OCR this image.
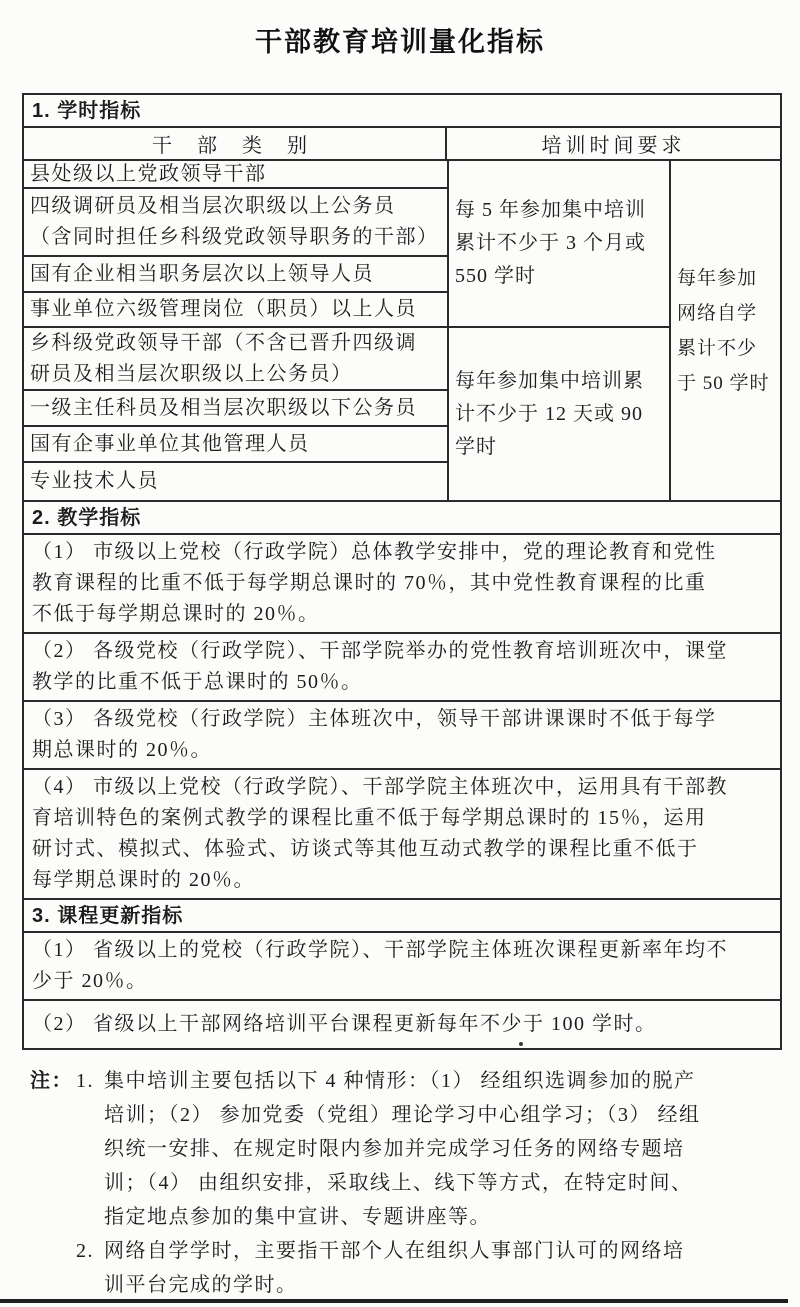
干部教育培训量化指标
1. 学时指标
干 部 类 别	培训时间要求
县处级以上党政领导干部
四级调研员及相当层次职级以上公务员
（含同时担任乡科级党政领导职务的干部）
国有企业相当职务层次以上领导人员
事业单位六级管理岗位（职员）以上人员
乡科级党政领导干部（不含已晋升四级调
研员及相当层次职级以上公务员）
一级主任科员及相当层次职级以下公务员
国有企事业单位其他管理人员
专业技术人员
每 5 年参加集中培训
累计不少于 3 个月或
550 学时
每年参加集中培训累
计不少于 12 天或 90
学时
每年参加
网络自学
累计不少
于 50 学时
2. 教学指标
（1） 市级以上党校（行政学院）总体教学安排中，党的理论教育和党性
教育课程的比重不低于每学期总课时的 70％，其中党性教育课程的比重
不低于每学期总课时的 20％。
（2） 各级党校（行政学院）、干部学院举办的党性教育培训班次中，课堂
教学的比重不低于总课时的 50％。
（3） 各级党校（行政学院）主体班次中，领导干部讲课课时不低于每学
期总课时的 20％。
（4） 市级以上党校（行政学院）、干部学院主体班次中，运用具有干部教
育培训特色的案例式教学的课程比重不低于每学期总课时的 15％，运用
研讨式、模拟式、体验式、访谈式等其他互动式教学的课程比重不低于
每学期总课时的 20％。
3. 课程更新指标
（1） 省级以上的党校（行政学院）、干部学院主体班次课程更新率年均不
少于 20％。
（2） 省级以上干部网络培训平台课程更新每年不少于 100 学时。
注： 1. 集中培训主要包括以下 4 种情形：（1） 经组织选调参加的脱产
培训；（2） 参加党委（党组）理论学习中心组学习；（3） 经组
织统一安排、在规定时限内参加并完成学习任务的网络专题培
训；（4） 由组织安排，采取线上、线下等方式，在特定时间、
指定地点参加的集中宣讲、专题讲座等。
2. 网络自学学时，主要指干部个人在组织人事部门认可的网络培
训平台完成的学时。
